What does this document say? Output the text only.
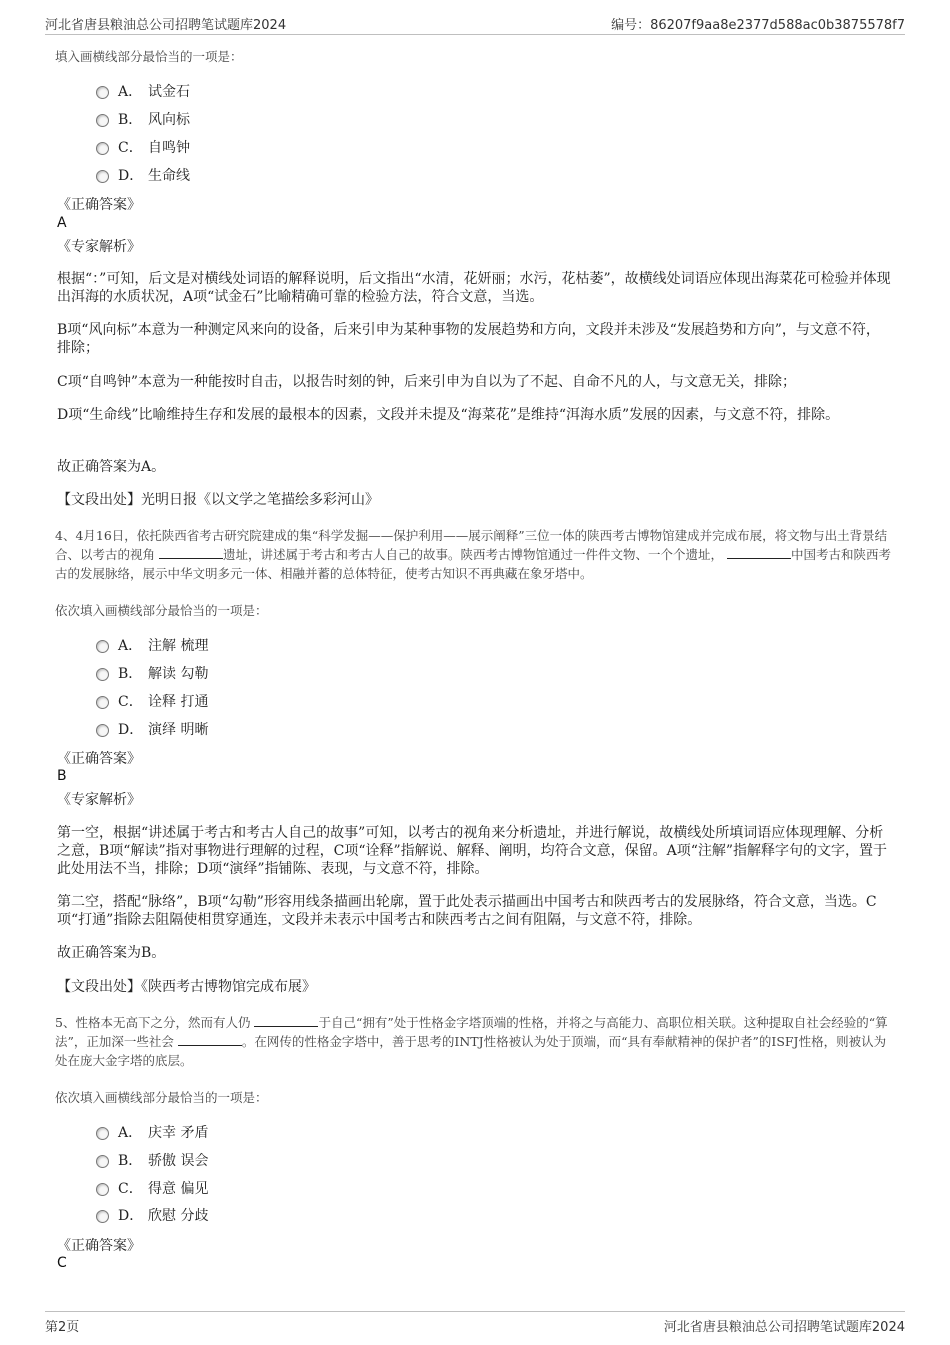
河北省唐县粮油总公司招聘笔试题库2024	编号：86207f9aa8e2377d588ac0b3875578f7
填入画横线部分最恰当的一项是：
A． 试金石
B． 风向标
C． 自鸣钟
D． 生命线
《正确答案》
A
《专家解析》
根据“：”可知，后文是对横线处词语的解释说明，后文指出“水清，花妍丽；水污，花枯萎”，故横线处词语应体现出海菜花可检验并体现出洱海的水质状况，A项“试金石”比喻精确可靠的检验方法，符合文意，当选。
B项“风向标”本意为一种测定风来向的设备，后来引申为某种事物的发展趋势和方向，文段并未涉及“发展趋势和方向”，与文意不符，排除；
C项“自鸣钟”本意为一种能按时自击，以报告时刻的钟，后来引申为自以为了不起、自命不凡的人，与文意无关，排除；
D项“生命线”比喻维持生存和发展的最根本的因素，文段并未提及“海菜花”是维持“洱海水质”发展的因素，与文意不符，排除。
故正确答案为A。
【文段出处】光明日报《以文学之笔描绘多彩河山》
4、4月16日，依托陕西省考古研究院建成的集“科学发掘——保护利用——展示阐释”三位一体的陕西考古博物馆建成并完成布展，将文物与出土背景结合、以考古的视角	遗址，讲述属于考古和考古人自己的故事。陕西考古博物馆通过一件件文物、一个个遗址，	中国考古和陕西考古的发展脉络，展示中华文明多元一体、相融并蓄的总体特征，使考古知识不再典藏在象牙塔中。
依次填入画横线部分最恰当的一项是：
A． 注解 梳理
B． 解读 勾勒
C． 诠释 打通
D． 演绎 明晰
《正确答案》
B
《专家解析》
第一空，根据“讲述属于考古和考古人自己的故事”可知，以考古的视角来分析遗址，并进行解说，故横线处所填词语应体现理解、分析之意，B项“解读”指对事物进行理解的过程，C项“诠释”指解说、解释、阐明，均符合文意，保留。A项“注解”指解释字句的文字，置于此处用法不当，排除；D项“演绎”指铺陈、表现，与文意不符，排除。
第二空，搭配“脉络”，B项“勾勒”形容用线条描画出轮廓，置于此处表示描画出中国考古和陕西考古的发展脉络，符合文意，当选。C项“打通”指除去阻隔使相贯穿通连，文段并未表示中国考古和陕西考古之间有阻隔，与文意不符，排除。
故正确答案为B。
【文段出处】《陕西考古博物馆完成布展》
5、性格本无高下之分，然而有人仍	于自己“拥有”处于性格金字塔顶端的性格，并将之与高能力、高职位相关联。这种提取自社会经验的“算法”，正加深一些社会	。在网传的性格金字塔中，善于思考的INTJ性格被认为处于顶端，而“具有奉献精神的保护者”的ISFJ性格，则被认为处在庞大金字塔的底层。
依次填入画横线部分最恰当的一项是：
A． 庆幸 矛盾
B． 骄傲 误会
C． 得意 偏见
D． 欣慰 分歧
《正确答案》
C
第2页	河北省唐县粮油总公司招聘笔试题库2024
